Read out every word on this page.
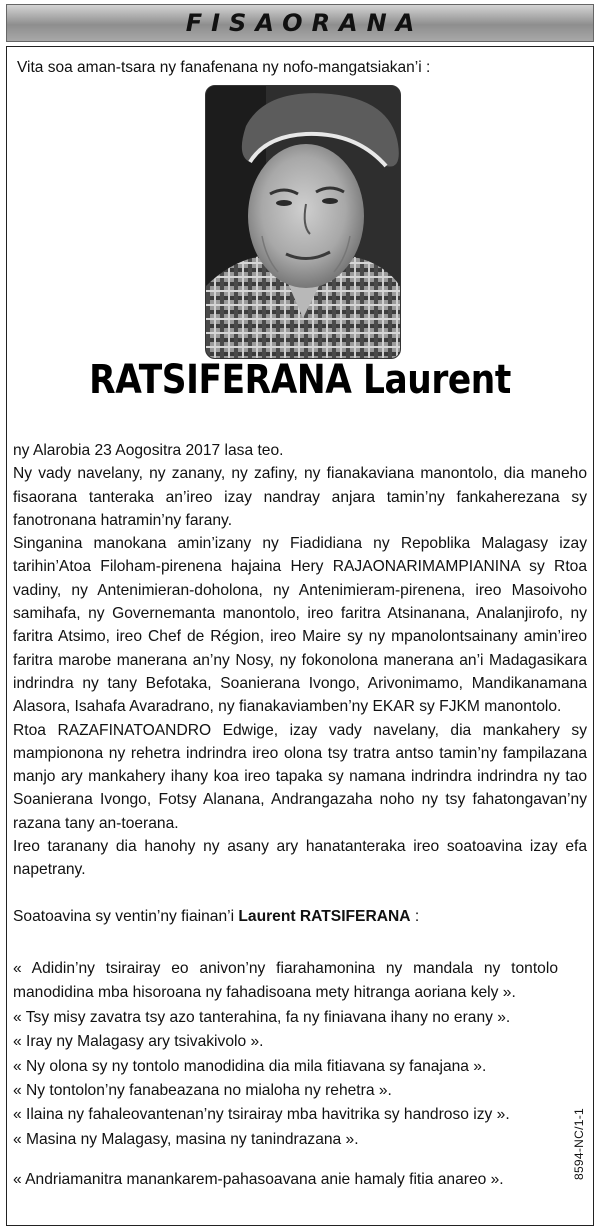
FISAORANA
Vita soa aman-tsara ny fanafenana ny nofo-mangatsiakan’i :
RATSIFERANA Laurent

ny Alarobia 23 Aogositra 2017 lasa teo.

Ny vady navelany, ny zanany, ny zafiny, ny fianakaviana manontolo, dia maneho fisaorana tanteraka an’ireo izay nandray anjara tamin’ny fankaherezana sy fanotronana hatramin’ny farany.

Singanina manokana amin’izany ny Fiadidiana ny Repoblika Malagasy izay tarihin’Atoa Filoham-pirenena hajaina Hery RAJAONARIMAMPIANINA sy Rtoa vadiny, ny Antenimieran-doholona, ny Antenimieram-pirenena, ireo Masoivoho samihafa, ny Governemanta manontolo, ireo faritra Atsinanana, Analanjirofo, ny faritra Atsimo, ireo Chef de Région, ireo Maire sy ny mpanolontsainany amin’ireo faritra marobe manerana an’ny Nosy, ny fokonolona manerana an’i Madagasikara indrindra ny tany Befotaka, Soanierana Ivongo, Arivonimamo, Mandikanamana Alasora, Isahafa Avaradrano, ny fianakaviamben’ny EKAR sy FJKM manontolo.

Rtoa RAZAFINATOANDRO Edwige, izay vady navelany, dia mankahery sy mampionona ny rehetra indrindra ireo olona tsy tratra antso tamin’ny fampilazana manjo ary mankahery ihany koa ireo tapaka sy namana indrindra indrindra ny tao Soanierana Ivongo, Fotsy Alanana, Andrangazaha noho ny tsy fahatongavan’ny razana tany an-toerana.

Ireo taranany dia hanohy ny asany ary hanatanteraka ireo soatoavina izay efa napetrany.

Soatoavina sy ventin’ny fiainan’i Laurent RATSIFERANA :

« Adidin’ny tsirairay eo anivon’ny fiarahamonina ny mandala ny tontolo manodidina mba hisoroana ny fahadisoana mety hitranga aoriana kely ».

« Tsy misy zavatra tsy azo tanterahina, fa ny finiavana ihany no erany ».

« Iray ny Malagasy ary tsivakivolo ».

« Ny olona sy ny tontolo manodidina dia mila fitiavana sy fanajana ».

« Ny tontolon’ny fanabeazana no mialoha ny rehetra ».

« Ilaina ny fahaleovantenan’ny tsirairay mba havitrika sy handroso izy ».

« Masina ny Malagasy, masina ny tanindrazana ».

« Andriamanitra manankarem-pahasoavana anie hamaly fitia anareo ».	8594-NC/1-1
